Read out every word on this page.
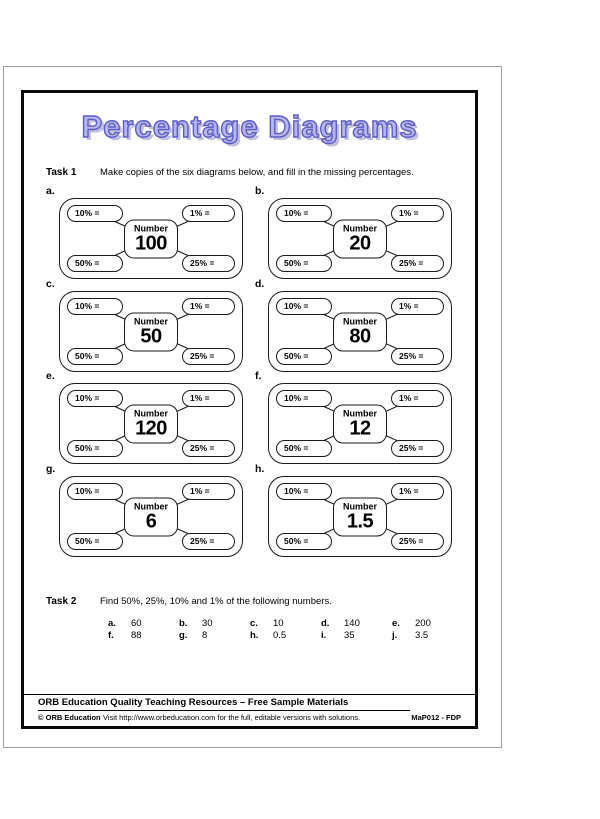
Percentage Diagrams
Task 1 Make copies of the six diagrams below, and fill in the missing percentages.
a.
10% =	1% =
50% =	25% =
Number
100
b.
10% =	1% =
50% =	25% =
Number
20
c.
10% =	1% =
50% =	25% =
Number
50
d.
10% =	1% =
50% =	25% =
Number
80
e.
10% =	1% =
50% =	25% =
Number
120
f.
10% =	1% =
50% =	25% =
Number
12
g.
10% =	1% =
50% =	25% =
Number
6
h.
10% =	1% =
50% =	25% =
Number
1.5
Task 2 Find 50%, 25%, 10% and 1% of the following numbers.
a.	60	b.	30	c.	10	d.	140	e.	200
f.	88	g.	8	h.	0.5	i.	35	j.	3.5
ORB Education Quality Teaching Resources – Free Sample Materials
© ORB Education Visit http://www.orbeducation.com for the full, editable versions with solutions.	MaP012 - FDP
